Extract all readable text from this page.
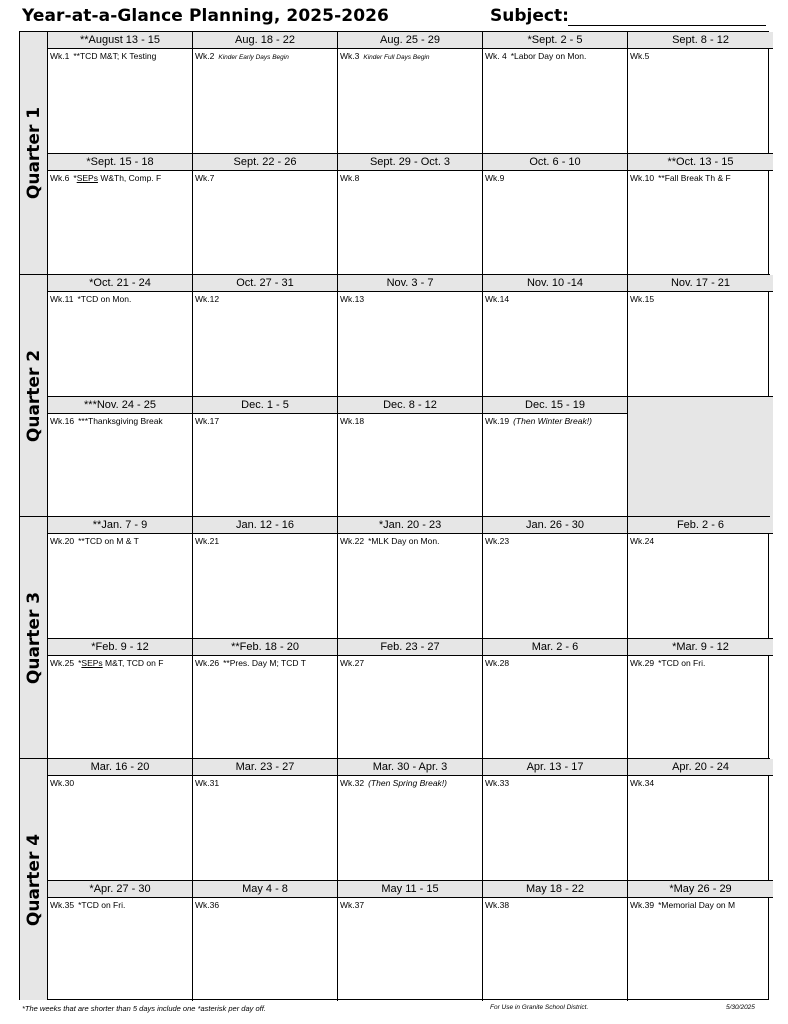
Year-at-a-Glance Planning, 2025-2026	Subject:
Quarter 1
**August 13 - 15
Wk.1 **TCD M&T; K Testing
Aug. 18 - 22
Wk.2 Kinder Early Days Begin
Aug. 25 - 29
Wk.3 Kinder Full Days Begin
*Sept. 2 - 5
Wk. 4 *Labor Day on Mon.
Sept. 8 - 12
Wk.5
*Sept. 15 - 18
Wk.6 *SEPs W&Th, Comp. F
Sept. 22 - 26
Wk.7
Sept. 29 - Oct. 3
Wk.8
Oct. 6 - 10
Wk.9
**Oct. 13 - 15
Wk.10 **Fall Break Th & F
Quarter 2
*Oct. 21 - 24
Wk.11 *TCD on Mon.
Oct. 27 - 31
Wk.12
Nov. 3 - 7
Wk.13
Nov. 10 -14
Wk.14
Nov. 17 - 21
Wk.15
***Nov. 24 - 25
Wk.16 ***Thanksgiving Break
Dec. 1 - 5
Wk.17
Dec. 8 - 12
Wk.18
Dec. 15 - 19
Wk.19 (Then Winter Break!)
Quarter 3
**Jan. 7 - 9
Wk.20 **TCD on M & T
Jan. 12 - 16
Wk.21
*Jan. 20 - 23
Wk.22 *MLK Day on Mon.
Jan. 26 - 30
Wk.23
Feb. 2 - 6
Wk.24
*Feb. 9 - 12
Wk.25 *SEPs M&T, TCD on F
**Feb. 18 - 20
Wk.26 **Pres. Day M; TCD T
Feb. 23 - 27
Wk.27
Mar. 2 - 6
Wk.28
*Mar. 9 - 12
Wk.29 *TCD on Fri.
Quarter 4
Mar. 16 - 20
Wk.30
Mar. 23 - 27
Wk.31
Mar. 30 - Apr. 3
Wk.32 (Then Spring Break!)
Apr. 13 - 17
Wk.33
Apr. 20 - 24
Wk.34
*Apr. 27 - 30
Wk.35 *TCD on Fri.
May 4 - 8
Wk.36
May 11 - 15
Wk.37
May 18 - 22
Wk.38
*May 26 - 29
Wk.39 *Memorial Day on M
*The weeks that are shorter than 5 days include one *asterisk per day off.	For Use in Granite School District.	5/30/2025
